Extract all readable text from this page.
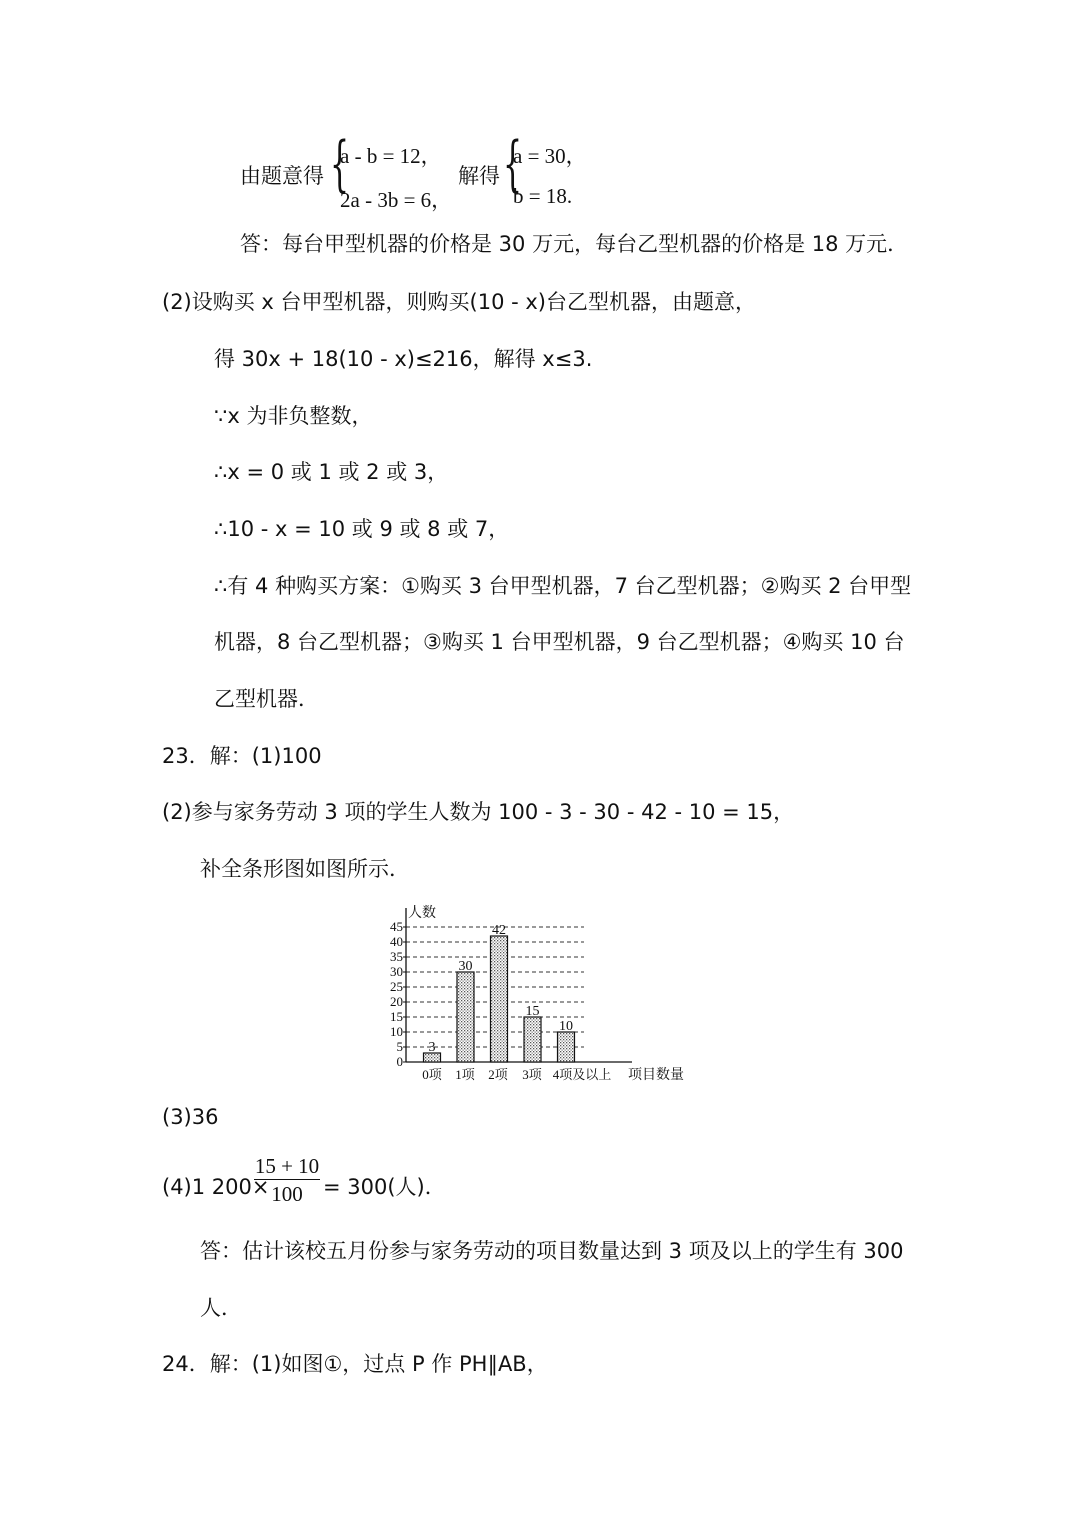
由题意得 {
a - b = 12，
2a - 3b = 6，
解得 {
a = 30，
b = 18.
答：每台甲型机器的价格是 30 万元，每台乙型机器的价格是 18 万元．
(2)设购买 x 台甲型机器，则购买(10 - x)台乙型机器，由题意，
得 30x + 18(10 - x)≤216，解得 x≤3.
∵x 为非负整数，
∴x = 0 或 1 或 2 或 3，
∴10 - x = 10 或 9 或 8 或 7，
∴有 4 种购买方案：①购买 3 台甲型机器，7 台乙型机器；②购买 2 台甲型
机器，8 台乙型机器；③购买 1 台甲型机器，9 台乙型机器；④购买 10 台
乙型机器．
23．解：(1)100
(2)参与家务劳动 3 项的学生人数为 100 - 3 - 30 - 42 - 10 = 15，
补全条形图如图所示．
0
5
10
15
20
25
30
35
40
45
人数
项目数量
3
30
42
15
10
0项 1项 2项 3项 4项及以上
(3)36
(4)1 200×
15 + 10
100 = 300(人)．
答：估计该校五月份参与家务劳动的项目数量达到 3 项及以上的学生有 300
人．
24．解：(1)如图①，过点 P 作 PH∥AB，
